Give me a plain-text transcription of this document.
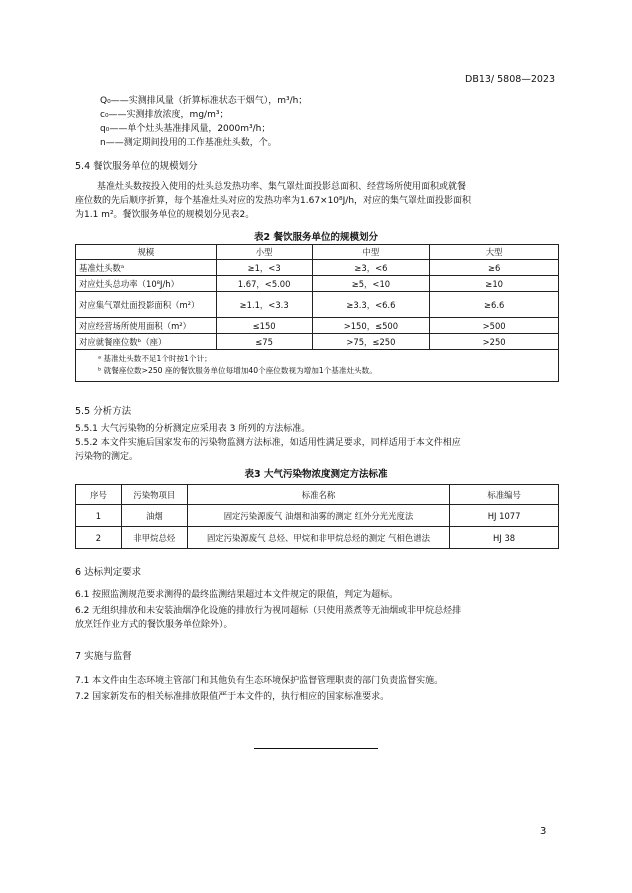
DB13/ 5808—2023
Q₀——实测排风量（折算标准状态干烟气），m³/h；
c₀——实测排放浓度，mg/m³；
q₀——单个灶头基准排风量，2000m³/h；
n——测定期间投用的工作基准灶头数，个。
5.4 餐饮服务单位的规模划分
基准灶头数按投入使用的灶头总发热功率、集气罩灶面投影总面积、经营场所使用面积或就餐
座位数的先后顺序折算，每个基准灶头对应的发热功率为1.67×10⁸J/h，对应的集气罩灶面投影面积
为1.1 m²。餐饮服务单位的规模划分见表2。
表2 餐饮服务单位的规模划分
规模	小型	中型	大型
基准灶头数ᵃ	≥1，<3	≥3，<6	≥6
对应灶头总功率（10⁸J/h）	1.67，<5.00	≥5，<10	≥10
对应集气罩灶面投影面积（m²）	≥1.1，<3.3	≥3.3，<6.6	≥6.6
对应经营场所使用面积（m²）	≤150	>150，≤500	>500
对应就餐座位数ᵇ（座）	≤75	>75，≤250	>250

ᵃ 基准灶头数不足1个时按1个计；
ᵇ 就餐座位数>250 座的餐饮服务单位每增加40个座位数视为增加1个基准灶头数。			
5.5 分析方法
5.5.1 大气污染物的分析测定应采用表 3 所列的方法标准。
5.5.2 本文件实施后国家发布的污染物监测方法标准，如适用性满足要求，同样适用于本文件相应
污染物的测定。
表3 大气污染物浓度测定方法标准
序号	污染物项目	标准名称	标准编号
1	油烟	固定污染源废气 油烟和油雾的测定 红外分光光度法	HJ 1077
2	非甲烷总烃	固定污染源废气 总烃、甲烷和非甲烷总烃的测定 气相色谱法	HJ 38
6 达标判定要求
6.1 按照监测规范要求测得的最终监测结果超过本文件规定的限值，判定为超标。
6.2 无组织排放和未安装油烟净化设施的排放行为视同超标（只使用蒸煮等无油烟或非甲烷总烃排
放烹饪作业方式的餐饮服务单位除外）。
7 实施与监督
7.1 本文件由生态环境主管部门和其他负有生态环境保护监督管理职责的部门负责监督实施。
7.2 国家新发布的相关标准排放限值严于本文件的，执行相应的国家标准要求。
3
